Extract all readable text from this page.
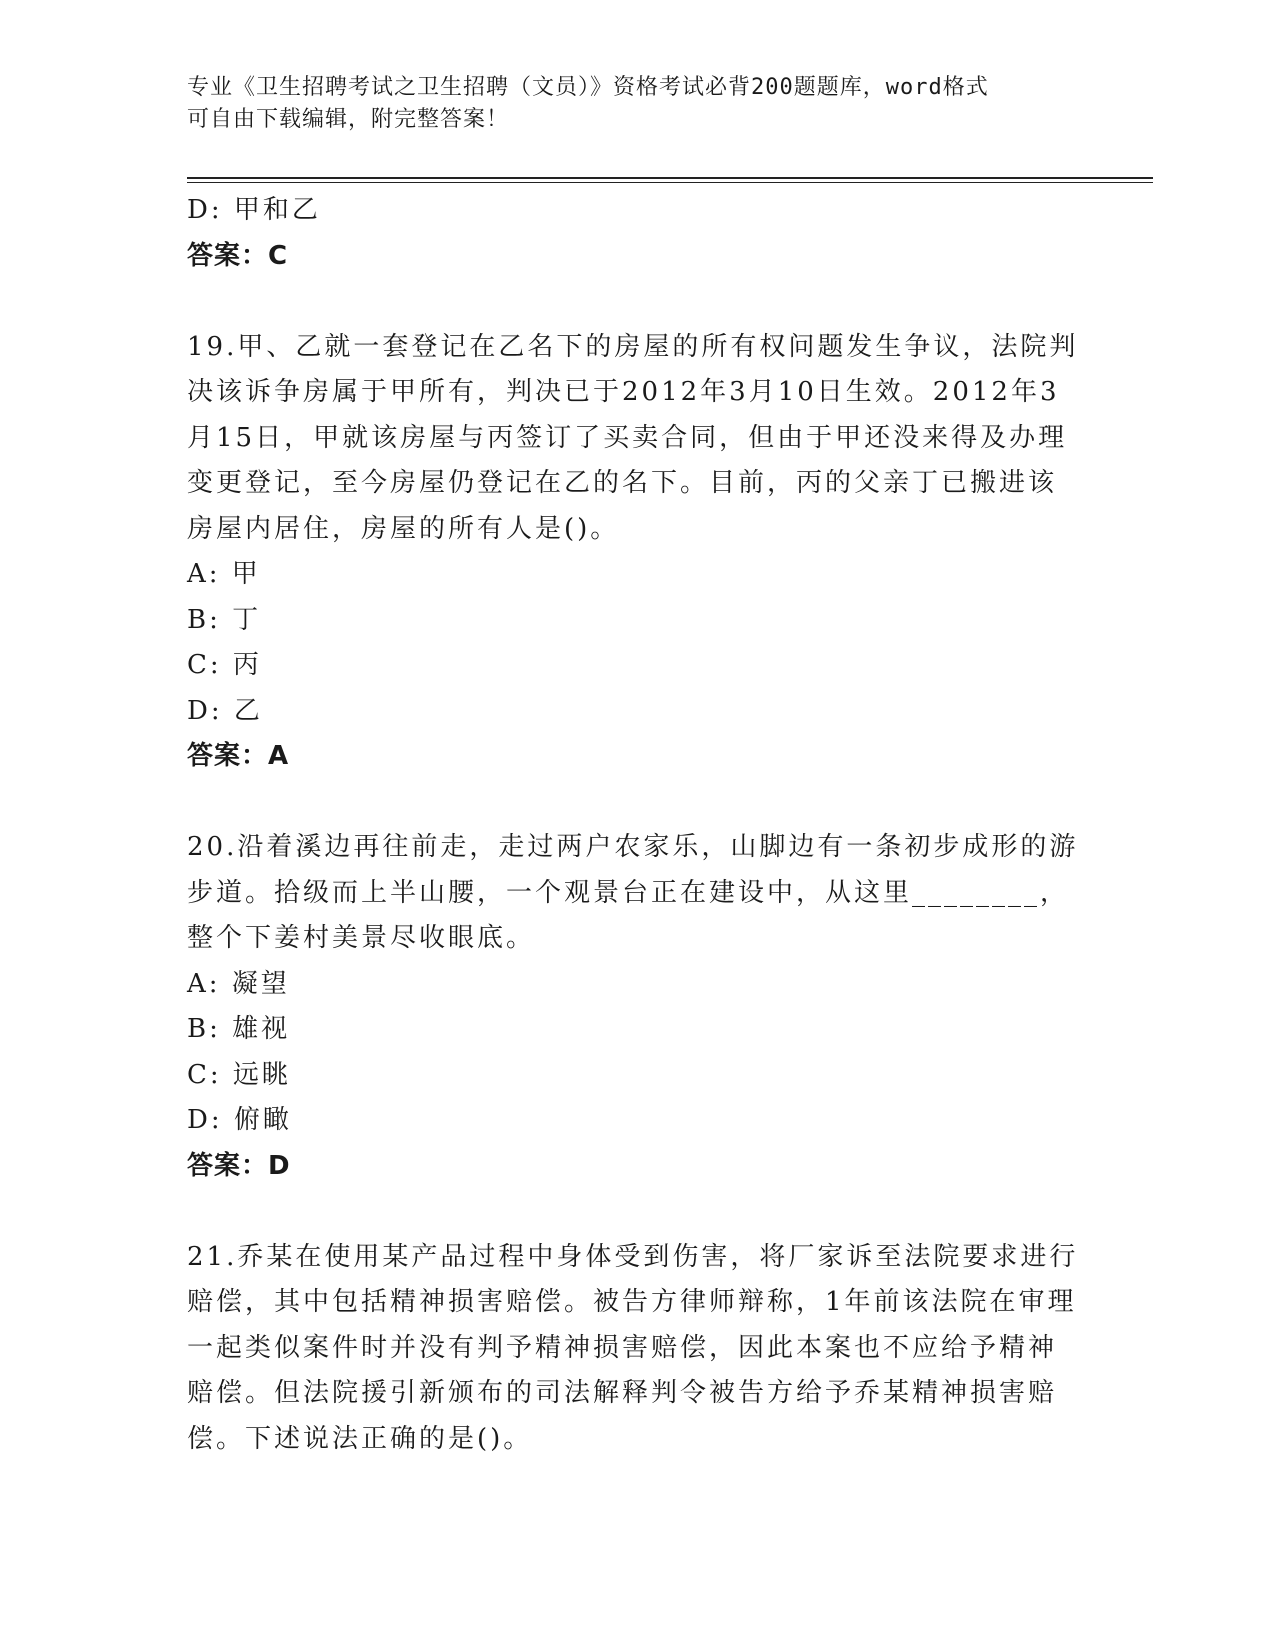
专业《卫生招聘考试之卫生招聘（文员）》资格考试必背200题题库，word格式
可自由下载编辑，附完整答案！
D: 甲和乙
答案：C
19.甲、乙就一套登记在乙名下的房屋的所有权问题发生争议，法院判
决该诉争房属于甲所有，判决已于2012年3月10日生效。2012年3
月15日，甲就该房屋与丙签订了买卖合同，但由于甲还没来得及办理
变更登记，至今房屋仍登记在乙的名下。目前，丙的父亲丁已搬进该
房屋内居住，房屋的所有人是()。
A: 甲
B: 丁
C: 丙
D: 乙
答案：A
20.沿着溪边再往前走，走过两户农家乐，山脚边有一条初步成形的游
步道。拾级而上半山腰，一个观景台正在建设中，从这里________，
整个下姜村美景尽收眼底。
A: 凝望
B: 雄视
C: 远眺
D: 俯瞰
答案：D
21.乔某在使用某产品过程中身体受到伤害，将厂家诉至法院要求进行
赔偿，其中包括精神损害赔偿。被告方律师辩称，1年前该法院在审理
一起类似案件时并没有判予精神损害赔偿，因此本案也不应给予精神
赔偿。但法院援引新颁布的司法解释判令被告方给予乔某精神损害赔
偿。下述说法正确的是()。
